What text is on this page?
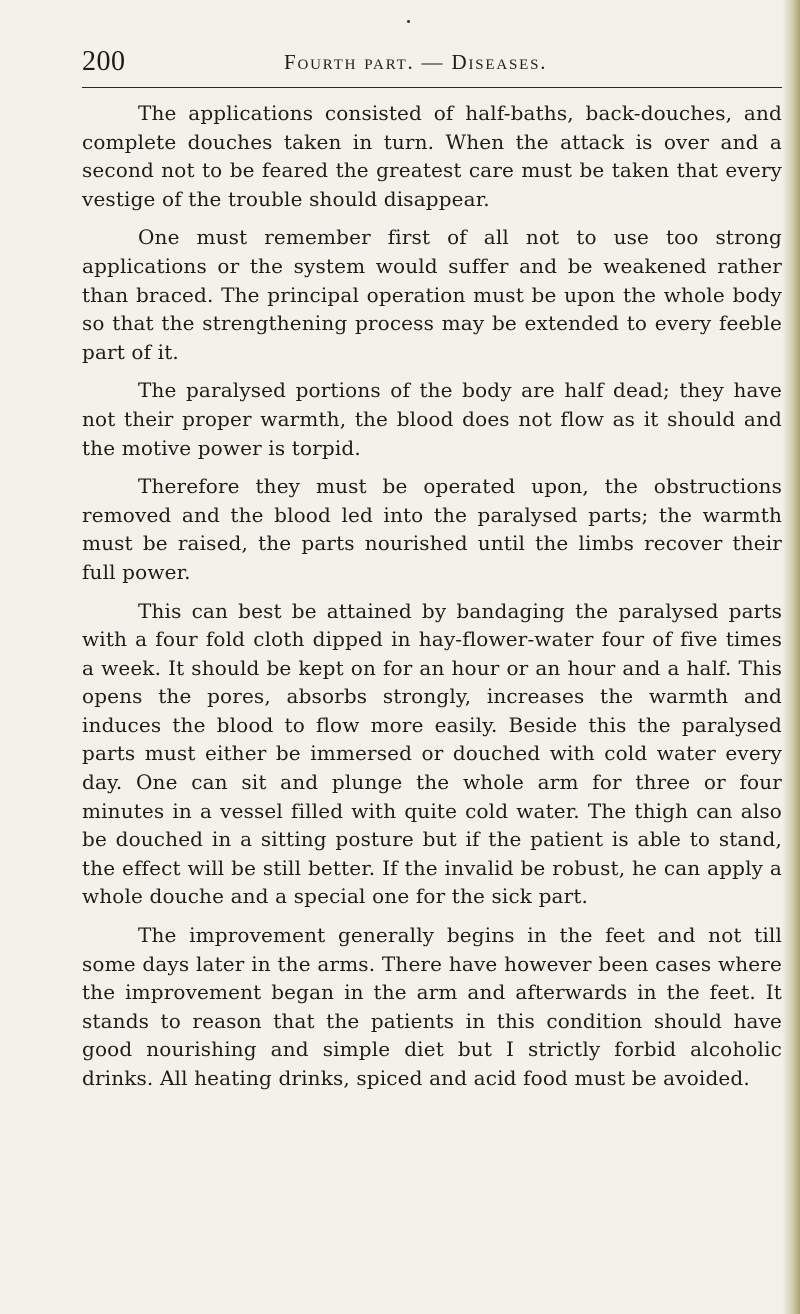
200	Fourth part. — Diseases.

The applications consisted of half-baths, back-douches, and complete douches taken in turn. When the attack is over and a second not to be feared the greatest care must be taken that every vestige of the trouble should disappear.

One must remember first of all not to use too strong applications or the system would suffer and be weakened rather than braced. The principal operation must be upon the whole body so that the strengthening process may be extended to every feeble part of it.

The paralysed portions of the body are half dead; they have not their proper warmth, the blood does not flow as it should and the motive power is torpid.

Therefore they must be operated upon, the obstructions removed and the blood led into the paralysed parts; the warmth must be raised, the parts nourished until the limbs recover their full power.

This can best be attained by bandaging the paralysed parts with a four fold cloth dipped in hay-flower-water four of five times a week. It should be kept on for an hour or an hour and a half. This opens the pores, absorbs strongly, increases the warmth and induces the blood to flow more easily. Beside this the paralysed parts must either be immersed or douched with cold water every day. One can sit and plunge the whole arm for three or four minutes in a vessel filled with quite cold water. The thigh can also be douched in a sitting posture but if the patient is able to stand, the effect will be still better. If the invalid be robust, he can apply a whole douche and a special one for the sick part.

The improvement generally begins in the feet and not till some days later in the arms. There have however been cases where the improvement began in the arm and afterwards in the feet. It stands to reason that the patients in this condition should have good nourishing and simple diet but I strictly forbid alcoholic drinks. All heating drinks, spiced and acid food must be avoided.
